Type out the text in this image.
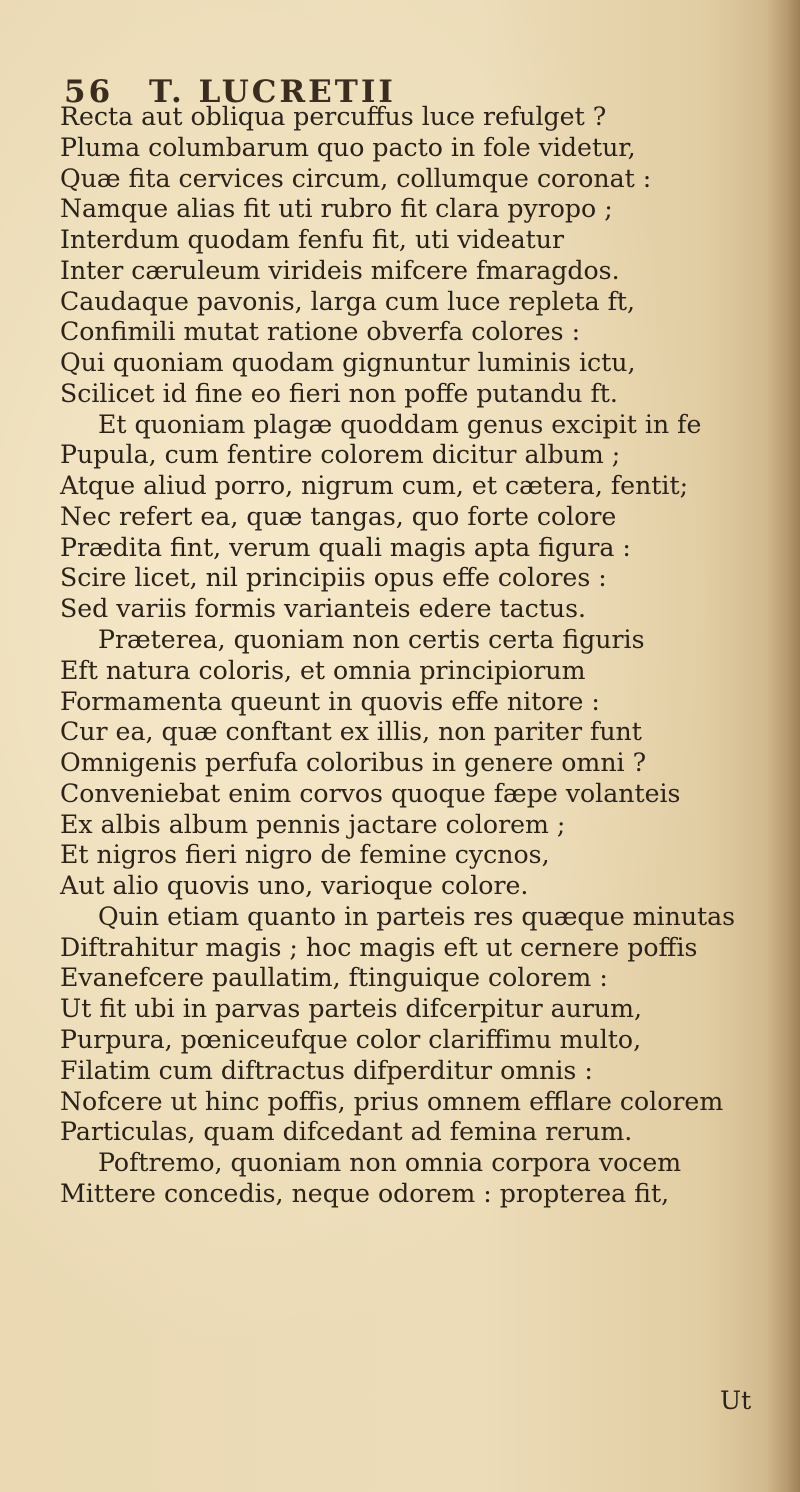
56 T. LUCRETII
Recta aut obliqua percuffus luce refulget ?
Pluma columbarum quo pacto in fole videtur,
Quæ fita cervices circum, collumque coronat :
Namque alias fit uti rubro fit clara pyropo ;
Interdum quodam fenfu fit, uti videatur
Inter cæruleum virideis mifcere fmaragdos.
Caudaque pavonis, larga cum luce repleta ft,
Confimili mutat ratione obverfa colores :
Qui quoniam quodam gignuntur luminis ictu,
Scilicet id fine eo fieri non poffe putandu ft.
Et quoniam plagæ quoddam genus excipit in fe
Pupula, cum fentire colorem dicitur album ;
Atque aliud porro, nigrum cum, et cætera, fentit;
Nec refert ea, quæ tangas, quo forte colore
Prædita fint, verum quali magis apta figura :
Scire licet, nil principiis opus effe colores :
Sed variis formis varianteis edere tactus.
Præterea, quoniam non certis certa figuris
Eft natura coloris, et omnia principiorum
Formamenta queunt in quovis effe nitore :
Cur ea, quæ conftant ex illis, non pariter funt
Omnigenis perfufa coloribus in genere omni ?
Conveniebat enim corvos quoque fæpe volanteis
Ex albis album pennis jactare colorem ;
Et nigros fieri nigro de femine cycnos,
Aut alio quovis uno, varioque colore.
Quin etiam quanto in parteis res quæque minutas
Diftrahitur magis ; hoc magis eft ut cernere poffis
Evanefcere paullatim, ftinguique colorem :
Ut fit ubi in parvas parteis difcerpitur aurum,
Purpura, pœniceufque color clariffimu multo,
Filatim cum diftractus difperditur omnis :
Nofcere ut hinc poffis, prius omnem efflare colorem
Particulas, quam difcedant ad femina rerum.
Poftremo, quoniam non omnia corpora vocem
Mittere concedis, neque odorem : propterea fit,
Ut
